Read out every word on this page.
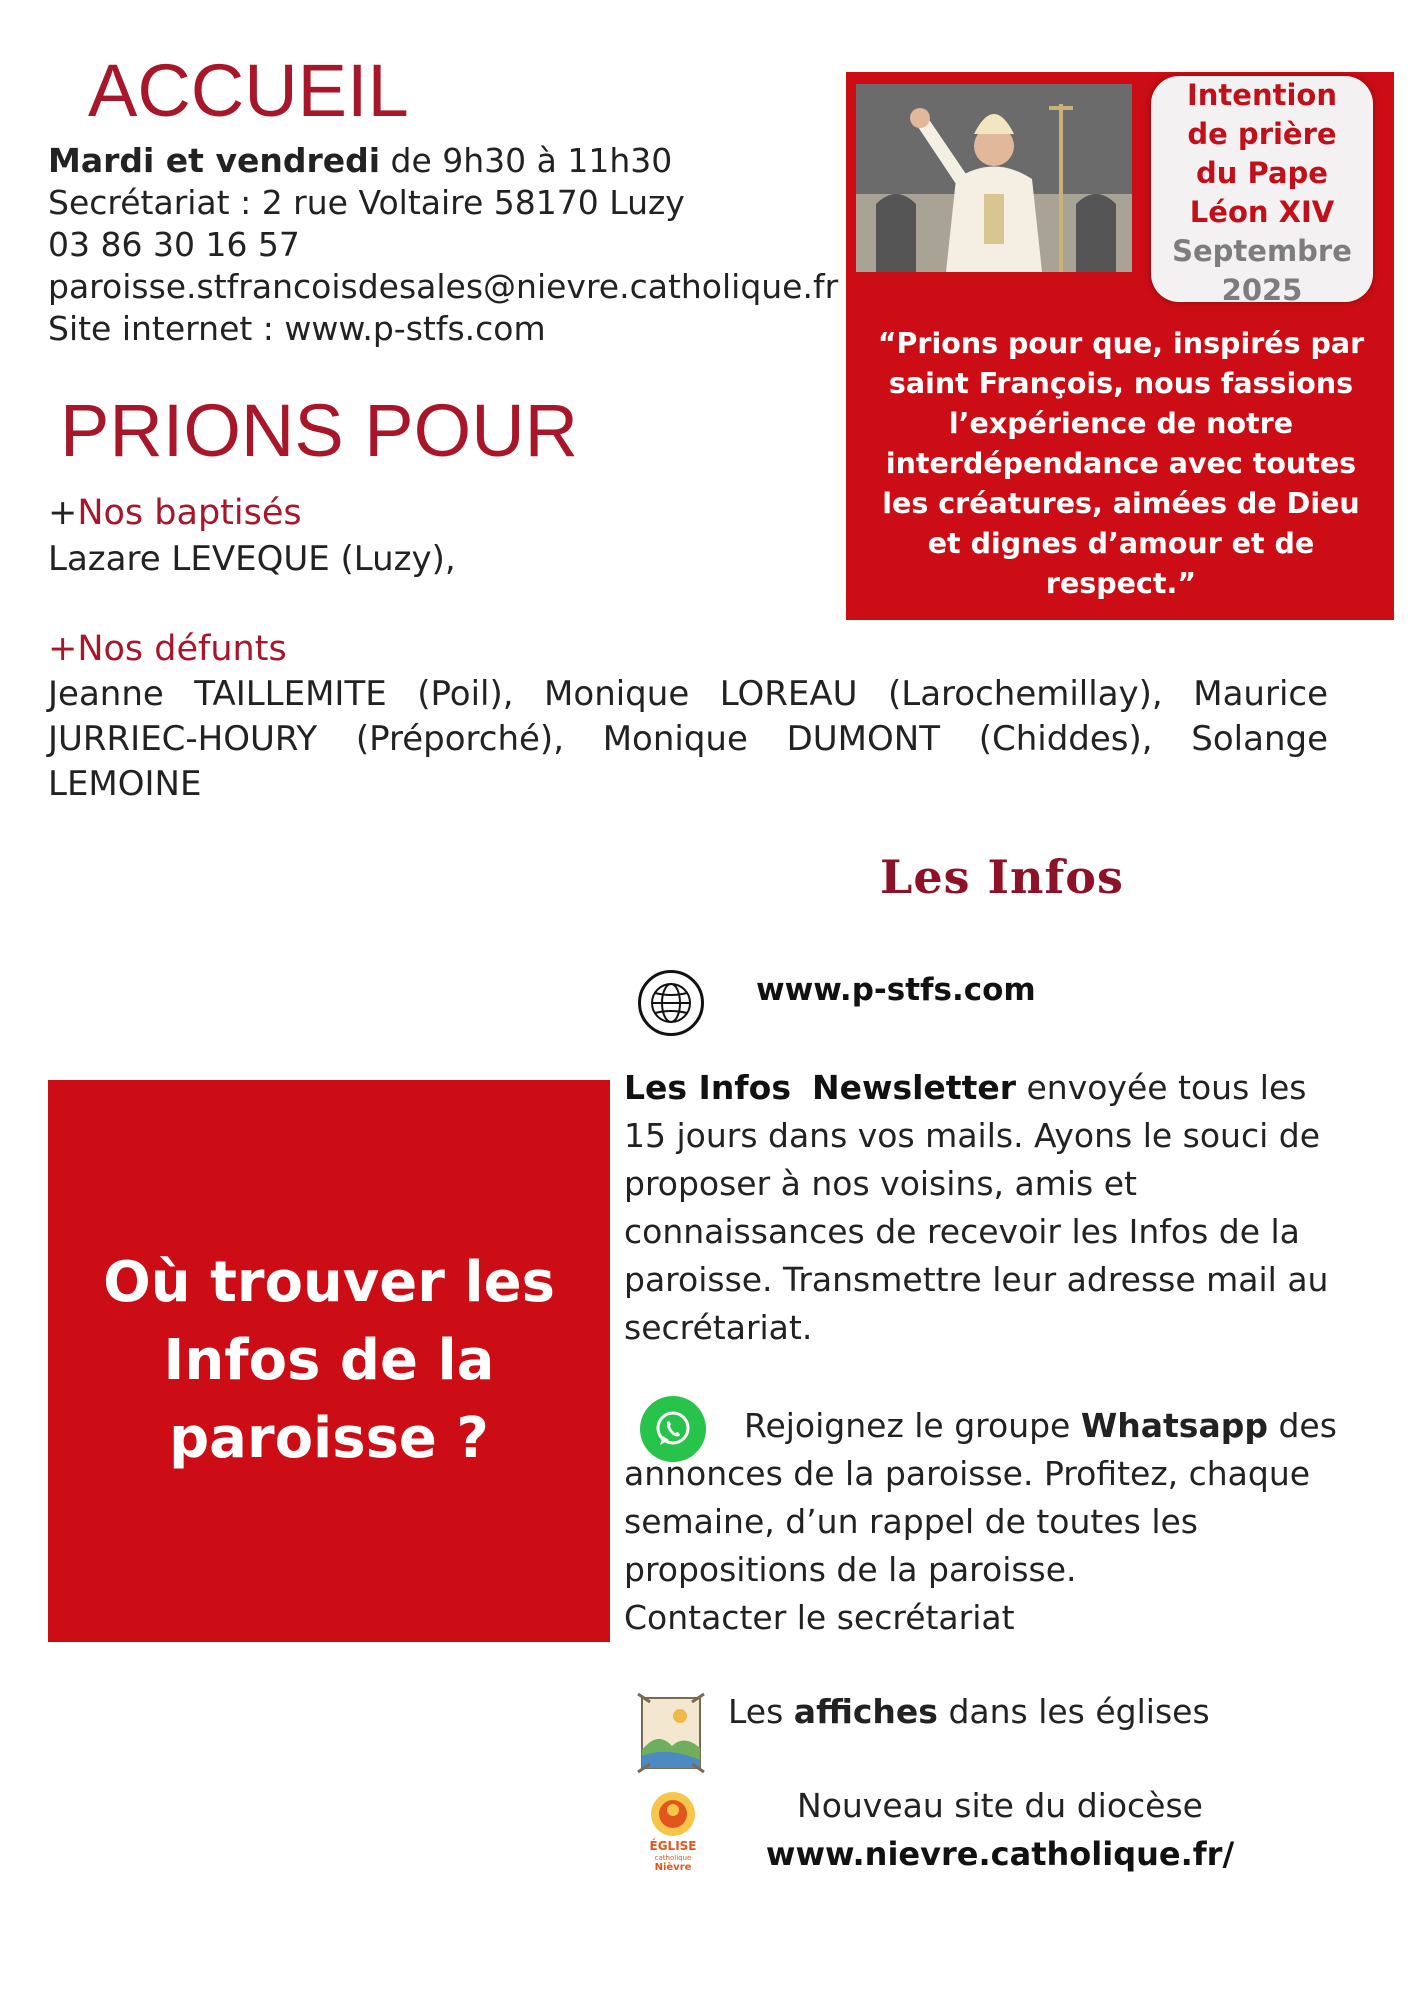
ACCUEIL
Mardi et vendredi de 9h30 à 11h30
Secrétariat : 2 rue Voltaire 58170 Luzy
03 86 30 16 57
paroisse.stfrancoisdesales@nievre.catholique.fr
Site internet : www.p-stfs.com
Intention
de prière
du Pape
Léon XIV
Septembre
2025
“Prions pour que, inspirés par saint François, nous fassions l’expérience de notre interdépendance avec toutes les créatures, aimées de Dieu et dignes d’amour et de respect.”
PRIONS POUR
+Nos baptisés
Lazare LEVEQUE (Luzy),
+Nos défunts
Jeanne TAILLEMITE (Poil), Monique LOREAU (Larochemillay), Maurice JURRIEC-HOURY (Préporché), Monique DUMONT (Chiddes), Solange LEMOINE
Les Infos
www.p-stfs.com
Où trouver les Infos de la paroisse ?
Les Infos Newsletter envoyée tous les 15 jours dans vos mails. Ayons le souci de proposer à nos voisins, amis et connaissances de recevoir les Infos de la paroisse. Transmettre leur adresse mail au secrétariat.
Rejoignez le groupe Whatsapp des annonces de la paroisse. Profitez, chaque semaine, d’un rappel de toutes les propositions de la paroisse.
Contacter le secrétariat
Les affiches dans les églises
ÉGLISE
catholique
Nièvre
Nouveau site du diocèse
www.nievre.catholique.fr/
